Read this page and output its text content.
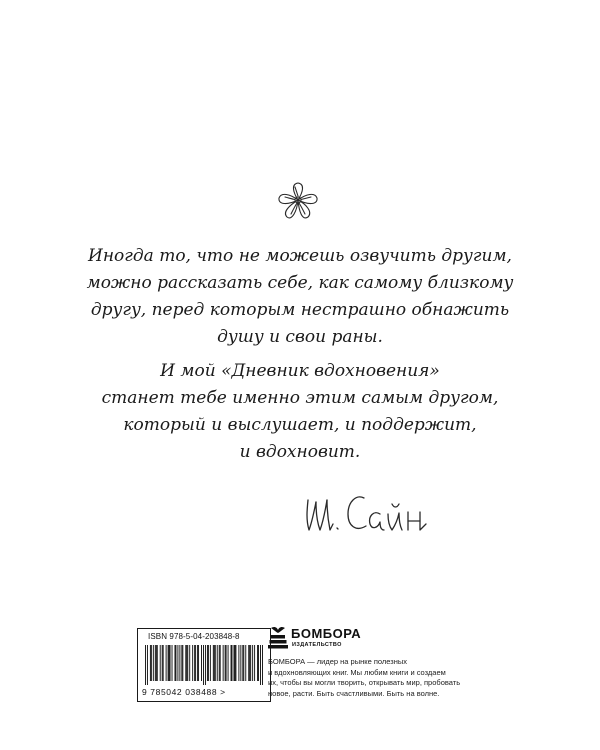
Иногда то, что не можешь озвучить другим,
можно рассказать себе, как самому близкому
другу, перед которым нестрашно обнажить
душу и свои раны.
И мой «Дневник вдохновения»
станет тебе именно этим самым другом,
который и выслушает, и поддержит,
и вдохновит.
ISBN 978-5-04-203848-8
9 785042 038488 >
БОМБОРА
ИЗДАТЕЛЬСТВО
БОМБОРА — лидер на рынке полезных
и вдохновляющих книг. Мы любим книги и создаем
их, чтобы вы могли творить, открывать мир, пробовать
новое, расти. Быть счастливыми. Быть на волне.
